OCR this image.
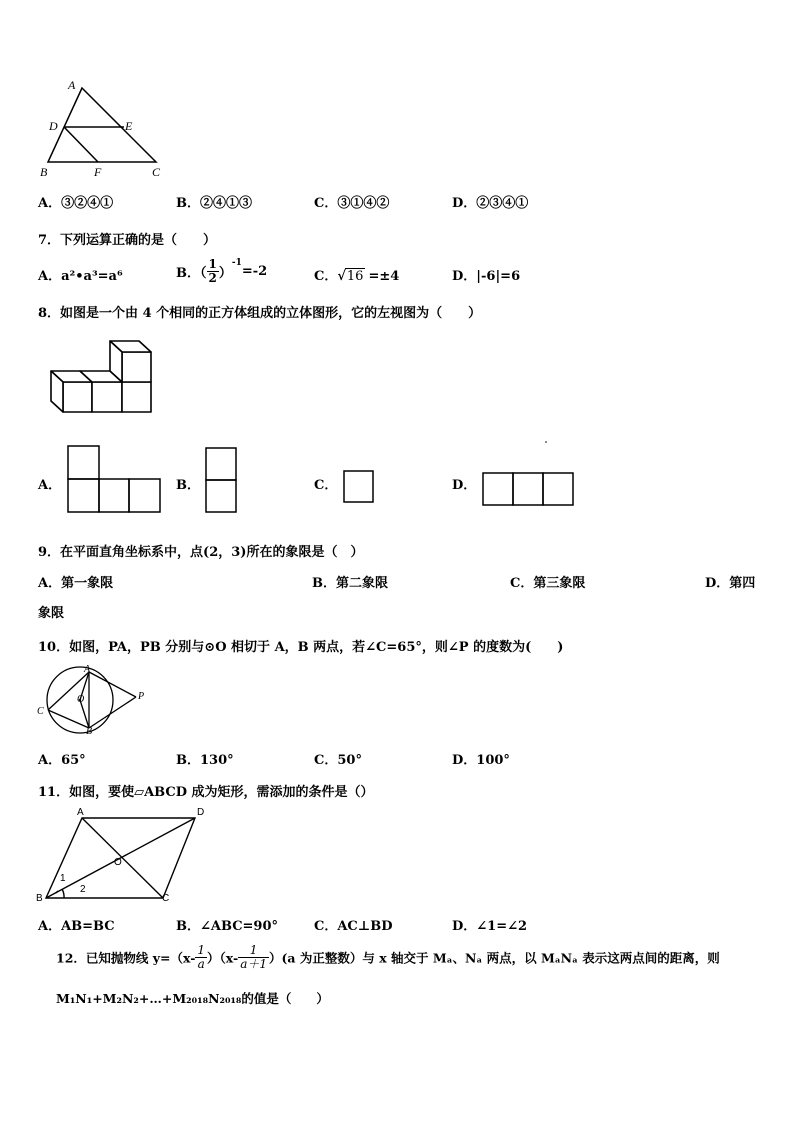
A
D	E
B	F	C
A．③②④①	B．②④①③	C．③①④②	D．②③④①
7．下列运算正确的是（　　）
A．a²•a³=a⁶	B．（ $\frac{1}{2} )^{-1}=-2$	C．√16 =±4	D．|-6|=6
8．如图是一个由 4 个相同的正方体组成的立体图形，它的左视图为（　　）
A．	B．	C．	D．
9．在平面直角坐标系中，点(2，3)所在的象限是（　）
A．第一象限	B．第二象限	C．第三象限	D．第四
象限
10．如图，PA，PB 分别与⊙O 相切于 A，B 两点，若∠C=65°，则∠P 的度数为(　　)
A
O	P
C
B
A．65°	B．130°	C．50°	D．100°
11．如图，要使▱ABCD 成为矩形，需添加的条件是（）
A	D
O
B	C
1
2
A．AB=BC	B．∠ABC=90°	C．AC⊥BD	D．∠1=∠2
12．已知抛物线 $y=(x- \frac{1}{a} )(x- \frac{1}{a+1} )(a$ 为正整数）与 x 轴交于 Mₐ、Nₐ 两点，以 MₐNₐ 表示这两点间的距离，则
M₁N₁+M₂N₂+…+M₂₀₁₈N₂₀₁₈的值是（　　）
